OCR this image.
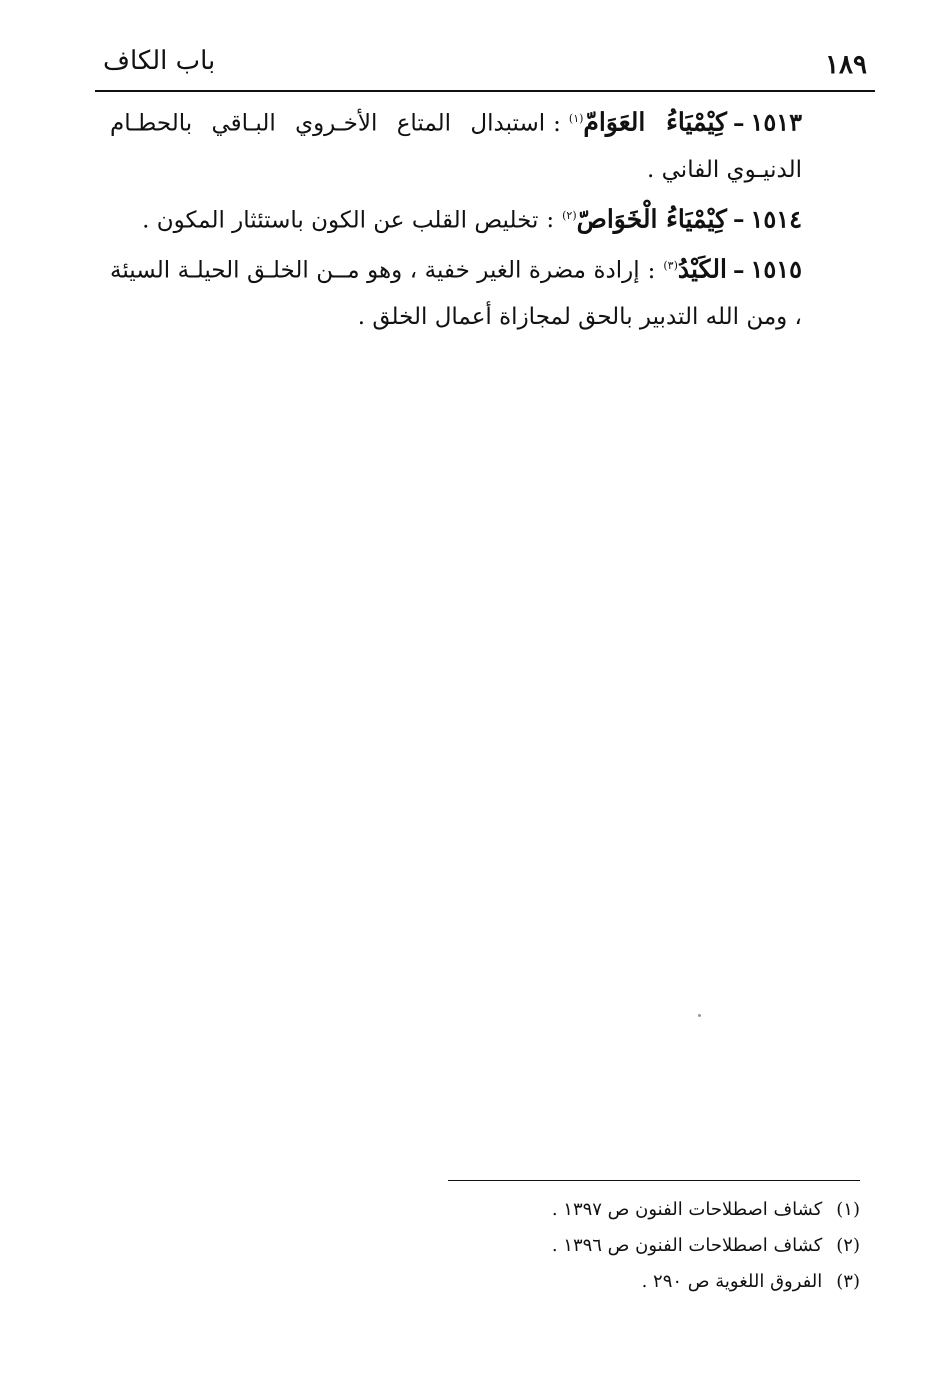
١٨٩
باب الكاف

١٥١٣–كِيْمْيَاءُ العَوَامّ$^{(١)}$:استبدال المتاع الأخـروي البـاقي بالحطـام الدنيـوي الفاني .

١٥١٤–كِيْمْيَاءُ الْخَوَاصّ$^{(٢)}$:تخليص القلب عن الكون باستئثار المكون .

١٥١٥–الكَيْدُ$^{(٣)}$:إرادة مضرة الغير خفية ، وهو مــن الخلـق الحيلـة السيئة ، ومن الله التدبير بالحق لمجازاة أعمال الخلق .

(١)كشاف اصطلاحات الفنون ص ١٣٩٧ .

(٢)كشاف اصطلاحات الفنون ص ١٣٩٦ .

(٣)الفروق اللغوية ص ٢٩٠ .
